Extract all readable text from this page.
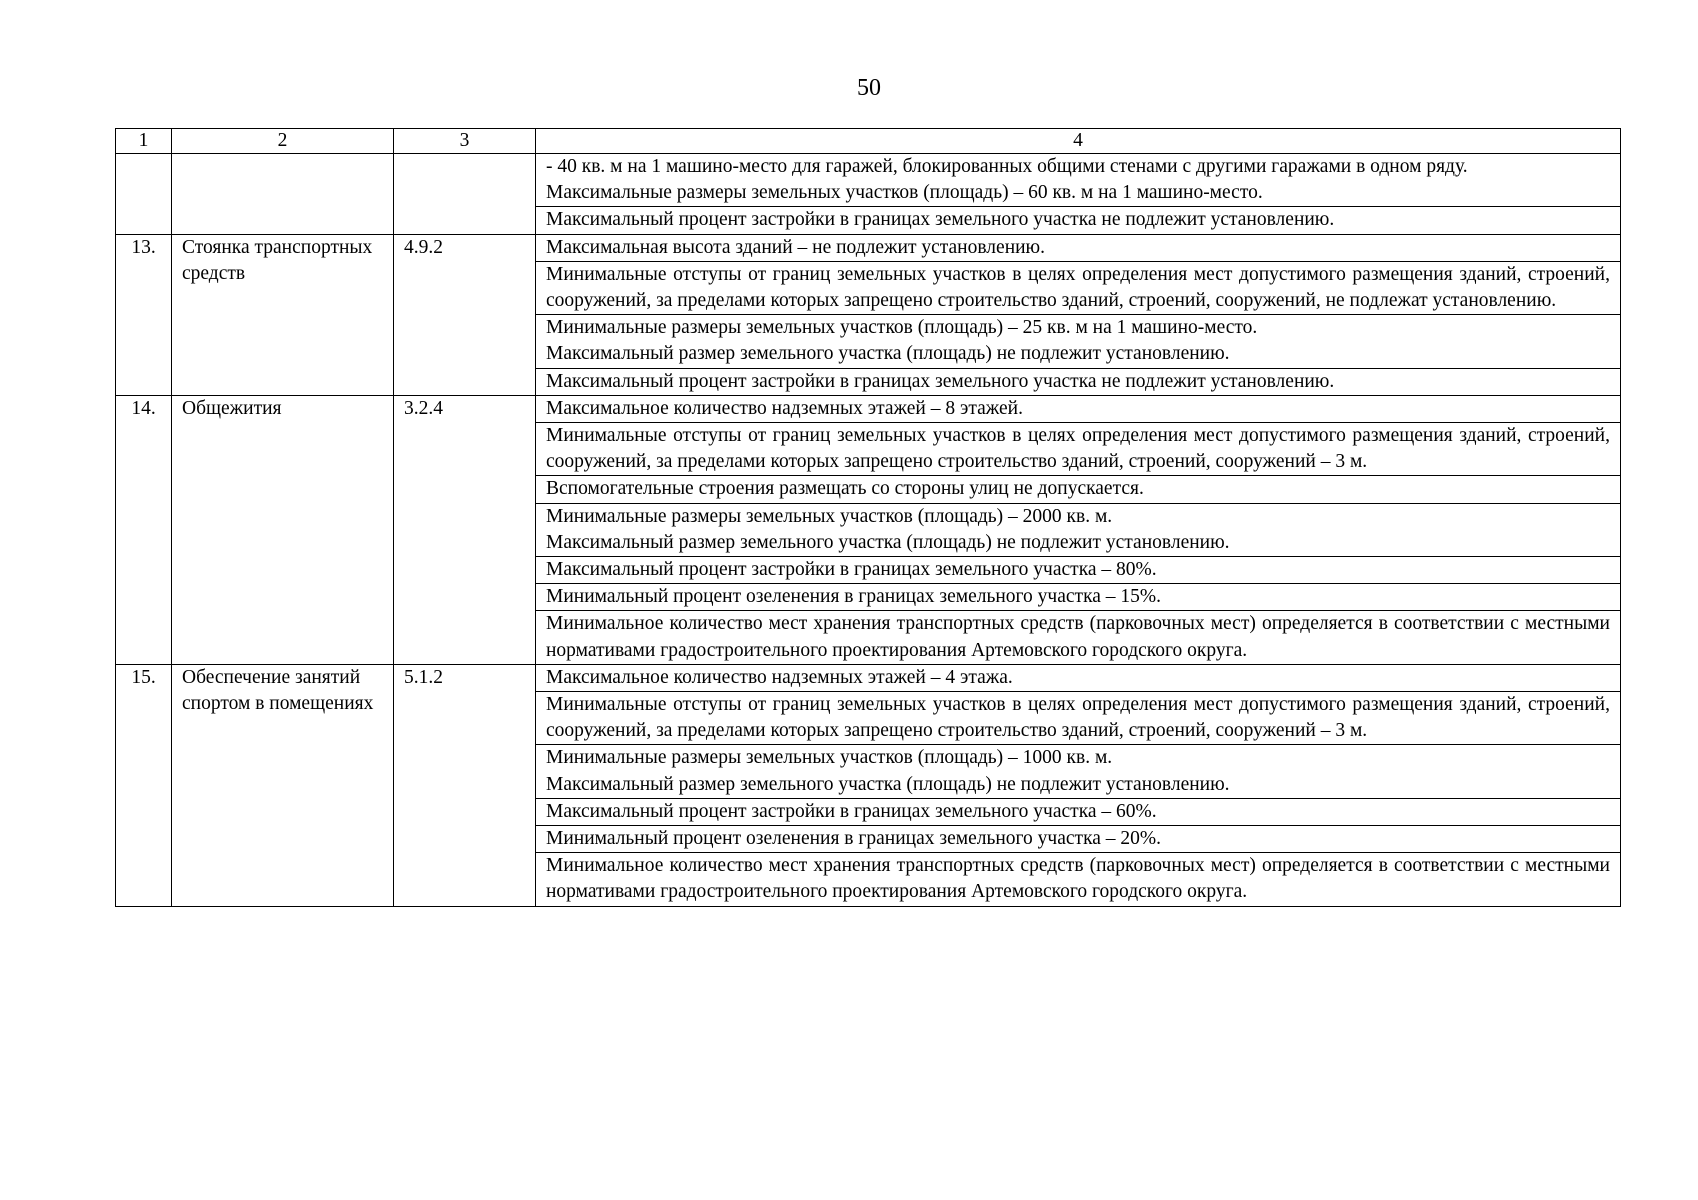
50
1	2	3	4

			- 40 кв. м на 1 машино-место для гаражей, блокированных общими стенами с другими гаражами в одном ряду.
Максимальные размеры земельных участков (площадь) – 60 кв. м на 1 машино-место.

			Максимальный процент застройки в границах земельного участка не подлежит установлению.

13.	Стоянка транспортных средств	4.9.2	Максимальная высота зданий – не подлежит установлению.

			Минимальные отступы от границ земельных участков в целях определения мест допустимого размещения зданий, строений, сооружений, за пределами которых запрещено строительство зданий, строений, сооружений, не подлежат установлению.

			Минимальные размеры земельных участков (площадь) – 25 кв. м на 1 машино-место.
Максимальный размер земельного участка (площадь) не подлежит установлению.

			Максимальный процент застройки в границах земельного участка не подлежит установлению.

14.	Общежития	3.2.4	Максимальное количество надземных этажей – 8 этажей.

			Минимальные отступы от границ земельных участков в целях определения мест допустимого размещения зданий, строений, сооружений, за пределами которых запрещено строительство зданий, строений, сооружений – 3 м.

			Вспомогательные строения размещать со стороны улиц не допускается.

			Минимальные размеры земельных участков (площадь) – 2000 кв. м.
Максимальный размер земельного участка (площадь) не подлежит установлению.

			Максимальный процент застройки в границах земельного участка – 80%.

			Минимальный процент озеленения в границах земельного участка – 15%.

			Минимальное количество мест хранения транспортных средств (парковочных мест) определяется в соответствии с местными нормативами градостроительного проектирования Артемовского городского округа.

15.	Обеспечение занятий спортом в помещениях	5.1.2	Максимальное количество надземных этажей – 4 этажа.

			Минимальные отступы от границ земельных участков в целях определения мест допустимого размещения зданий, строений, сооружений, за пределами которых запрещено строительство зданий, строений, сооружений – 3 м.

			Минимальные размеры земельных участков (площадь) – 1000 кв. м.
Максимальный размер земельного участка (площадь) не подлежит установлению.

			Максимальный процент застройки в границах земельного участка – 60%.

			Минимальный процент озеленения в границах земельного участка – 20%.

			Минимальное количество мест хранения транспортных средств (парковочных мест) определяется в соответствии с местными нормативами градостроительного проектирования Артемовского городского округа.
